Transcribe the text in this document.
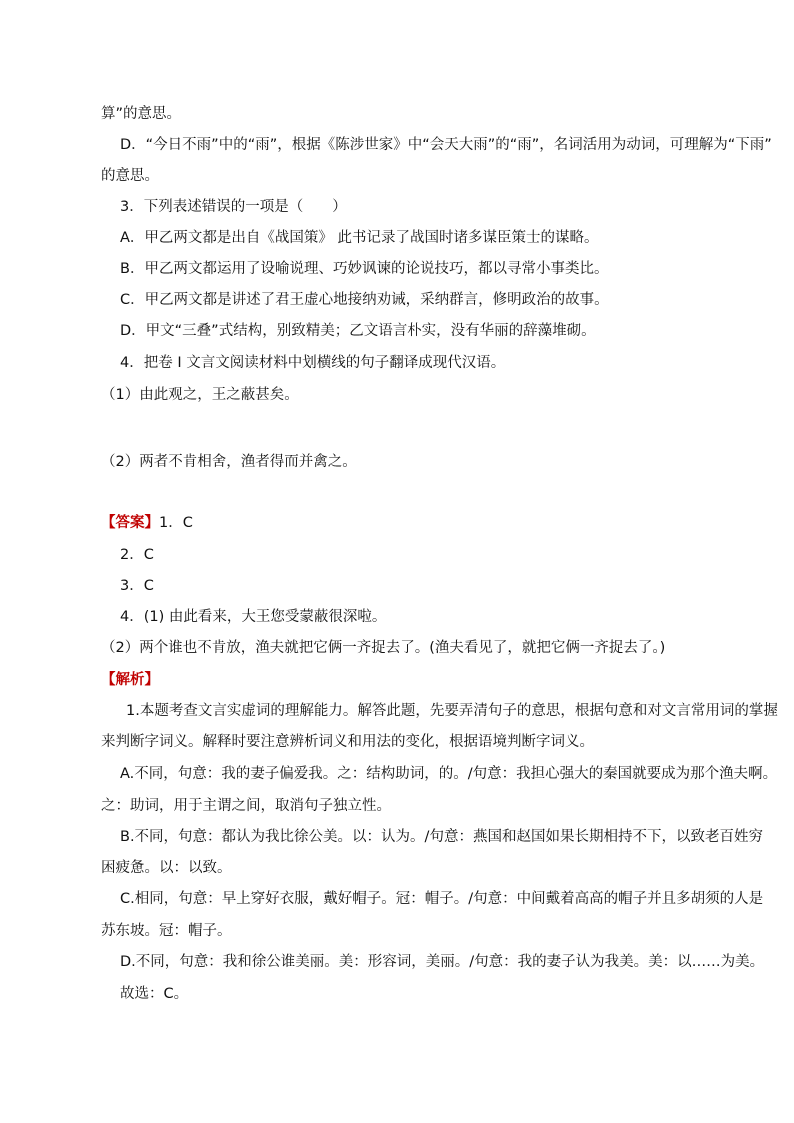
算”的意思。
D．“今日不雨”中的“雨”，根据《陈涉世家》中“会天大雨”的“雨”，名词活用为动词，可理解为“下雨”
的意思。
3．下列表述错误的一项是（　　）
A．甲乙两文都是出自《战国策》 此书记录了战国时诸多谋臣策士的谋略。
B．甲乙两文都运用了设喻说理、巧妙讽谏的论说技巧，都以寻常小事类比。
C．甲乙两文都是讲述了君王虚心地接纳劝诫，采纳群言，修明政治的故事。
D．甲文“三叠”式结构，别致精美；乙文语言朴实，没有华丽的辞藻堆砌。
4．把卷 I 文言文阅读材料中划横线的句子翻译成现代汉语。
（1）由此观之，王之蔽甚矣。
（2）两者不肯相舍，渔者得而并禽之。
【答案】1．C
2．C
3．C
4．(1) 由此看来，大王您受蒙蔽很深啦。
（2）两个谁也不肯放，渔夫就把它俩一齐捉去了。(渔夫看见了，就把它俩一齐捉去了。)
【解析】
1.本题考查文言实虚词的理解能力。解答此题，先要弄清句子的意思，根据句意和对文言常用词的掌握
来判断字词义。解释时要注意辨析词义和用法的变化，根据语境判断字词义。
A.不同，句意：我的妻子偏爱我。之：结构助词，的。/句意：我担心强大的秦国就要成为那个渔夫啊。
之：助词，用于主谓之间，取消句子独立性。
B.不同，句意：都认为我比徐公美。以：认为。/句意：燕国和赵国如果长期相持不下，以致老百姓穷
困疲惫。以：以致。
C.相同，句意：早上穿好衣服，戴好帽子。冠：帽子。/句意：中间戴着高高的帽子并且多胡须的人是
苏东坡。冠：帽子。
D.不同，句意：我和徐公谁美丽。美：形容词，美丽。/句意：我的妻子认为我美。美：以……为美。
故选：C。
